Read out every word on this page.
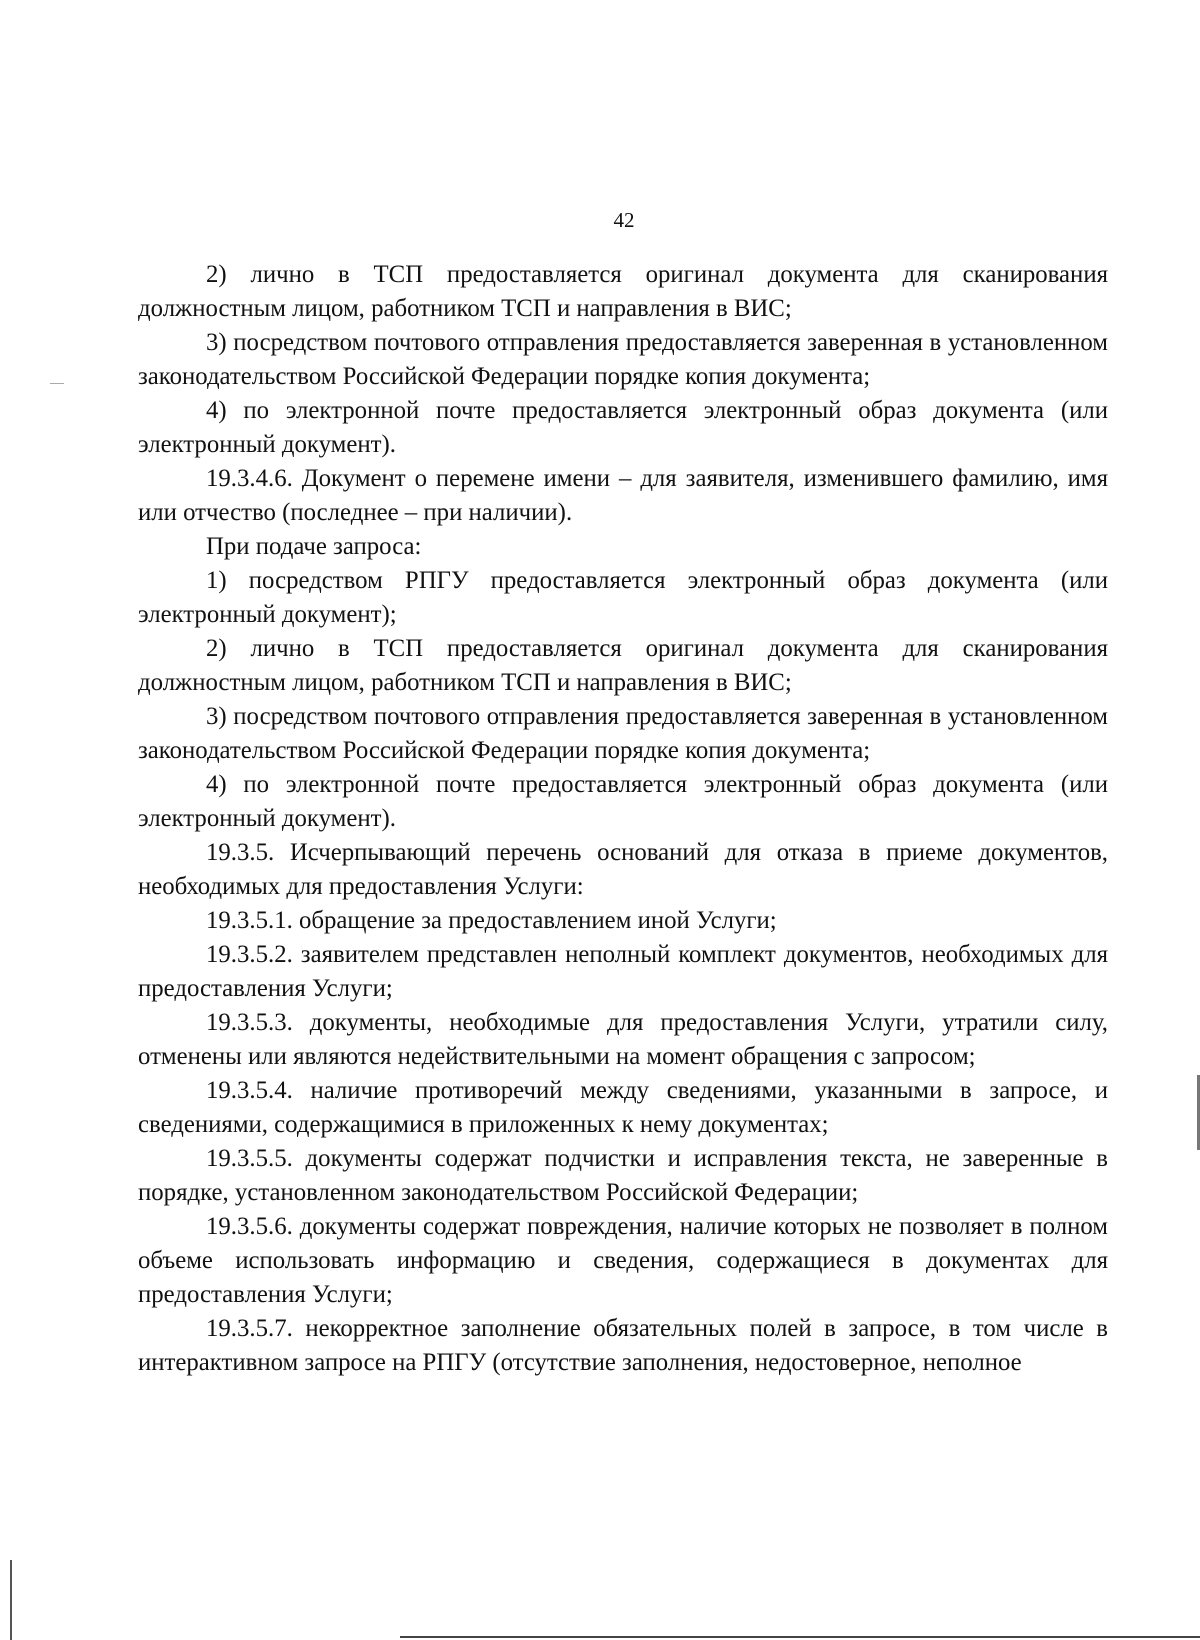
42

2) лично в ТСП предоставляется оригинал документа для сканирования должностным лицом, работником ТСП и направления в ВИС;

3) посредством почтового отправления предоставляется заверенная в установленном законодательством Российской Федерации порядке копия документа;

4) по электронной почте предоставляется электронный образ документа (или электронный документ).

19.3.4.6. Документ о перемене имени – для заявителя, изменившего фамилию, имя или отчество (последнее – при наличии).

При подаче запроса:

1) посредством РПГУ предоставляется электронный образ документа (или электронный документ);

2) лично в ТСП предоставляется оригинал документа для сканирования должностным лицом, работником ТСП и направления в ВИС;

3) посредством почтового отправления предоставляется заверенная в установленном законодательством Российской Федерации порядке копия документа;

4) по электронной почте предоставляется электронный образ документа (или электронный документ).

19.3.5. Исчерпывающий перечень оснований для отказа в приеме документов, необходимых для предоставления Услуги:

19.3.5.1. обращение за предоставлением иной Услуги;

19.3.5.2. заявителем представлен неполный комплект документов, необходимых для предоставления Услуги;

19.3.5.3. документы, необходимые для предоставления Услуги, утратили силу, отменены или являются недействительными на момент обращения с запросом;

19.3.5.4. наличие противоречий между сведениями, указанными в запросе, и сведениями, содержащимися в приложенных к нему документах;

19.3.5.5. документы содержат подчистки и исправления текста, не заверенные в порядке, установленном законодательством Российской Федерации;

19.3.5.6. документы содержат повреждения, наличие которых не позволяет в полном объеме использовать информацию и сведения, содержащиеся в документах для предоставления Услуги;

19.3.5.7. некорректное заполнение обязательных полей в запросе, в том числе в интерактивном запросе на РПГУ (отсутствие заполнения, недостоверное, неполное
